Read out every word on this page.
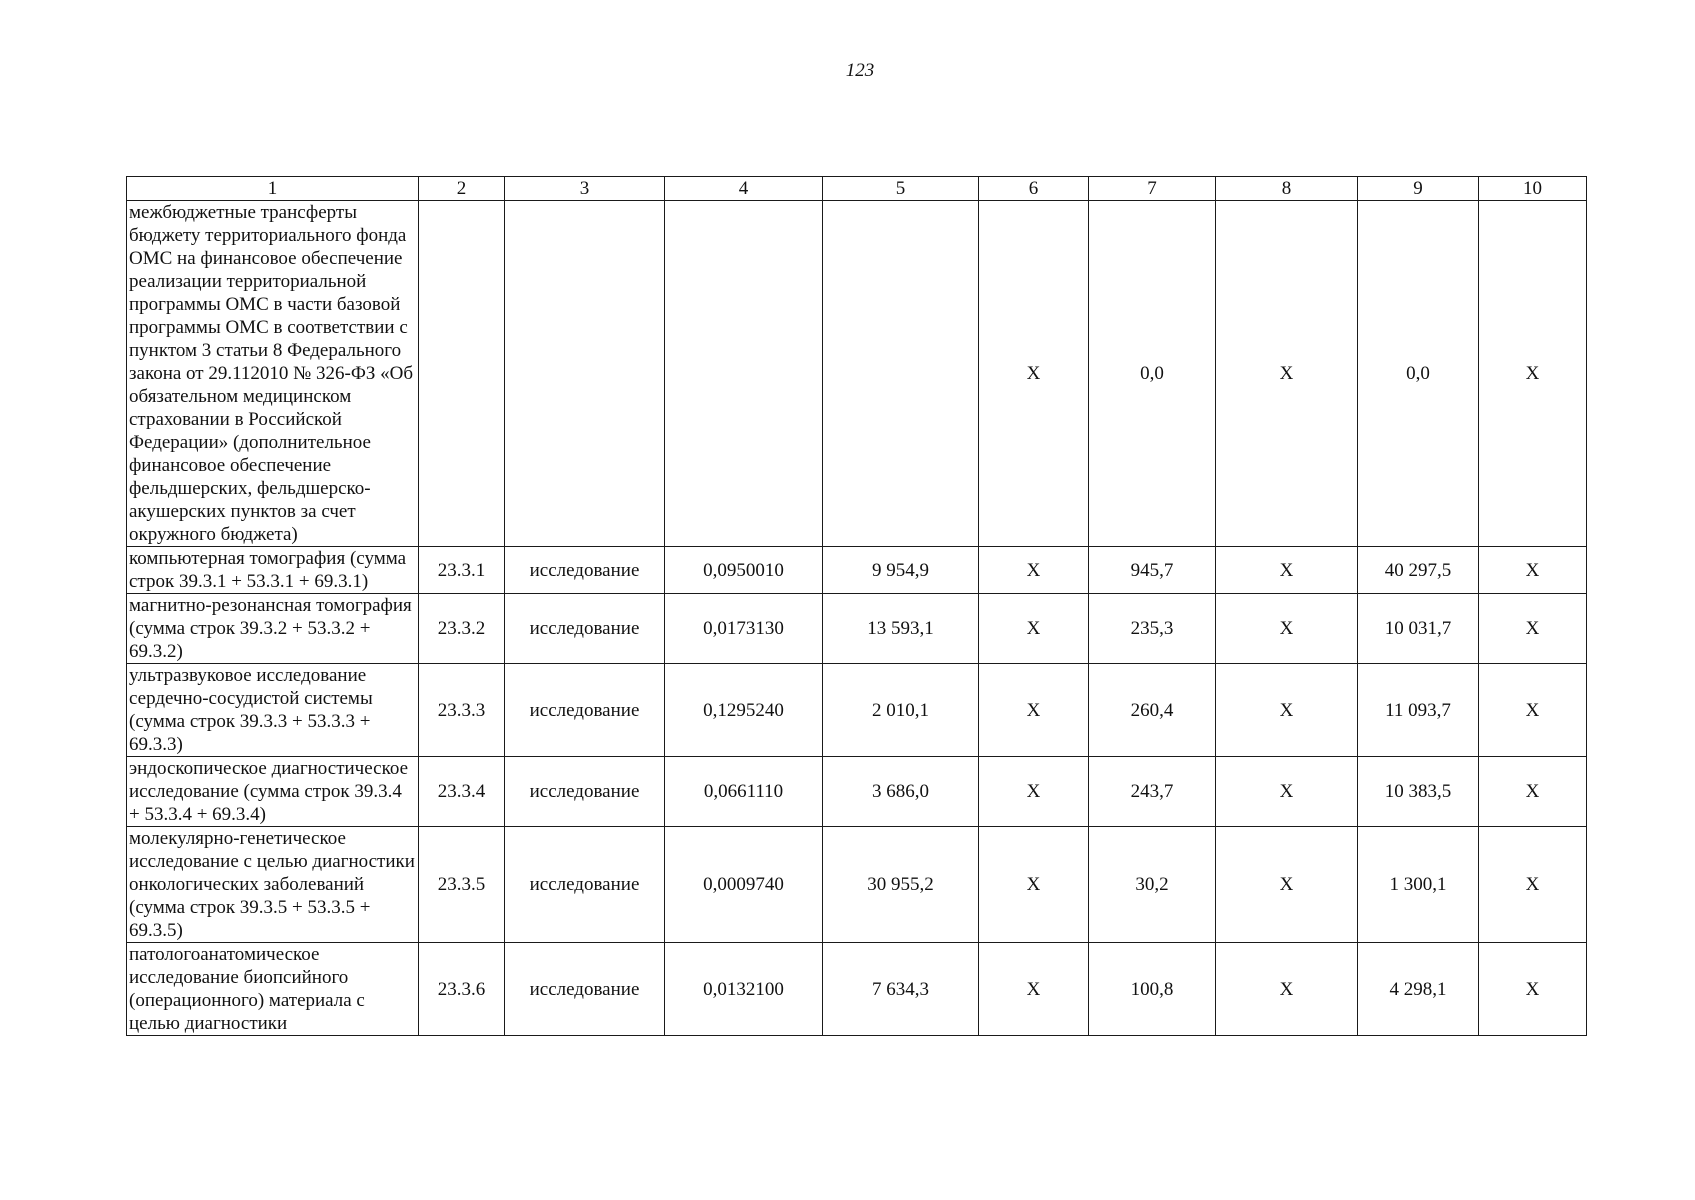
123
1	2	3	4	5	6	7	8	9	10
межбюджетные трансферты бюджету территориального фонда ОМС на финансовое обеспечение реализации территориальной программы ОМС в части базовой программы ОМС в соответствии с пунктом 3 статьи 8 Федерального закона от 29.112010 № 326-ФЗ «Об обязательном медицинском страховании в Российской Федерации» (дополнительное финансовое обеспечение фельдшерских, фельдшерско-акушерских пунктов за счет окружного бюджета)					X	0,0	X	0,0	X
компьютерная томография (сумма строк 39.3.1 + 53.3.1 + 69.3.1)	23.3.1	исследование	0,0950010	9 954,9	X	945,7	X	40 297,5	X
магнитно-резонансная томография (сумма строк 39.3.2 + 53.3.2 + 69.3.2)	23.3.2	исследование	0,0173130	13 593,1	X	235,3	X	10 031,7	X
ультразвуковое исследование сердечно-сосудистой системы (сумма строк 39.3.3 + 53.3.3 + 69.3.3)	23.3.3	исследование	0,1295240	2 010,1	X	260,4	X	11 093,7	X
эндоскопическое диагностическое исследование (сумма строк 39.3.4 + 53.3.4 + 69.3.4)	23.3.4	исследование	0,0661110	3 686,0	X	243,7	X	10 383,5	X
молекулярно-генетическое исследование с целью диагностики онкологических заболеваний (сумма строк 39.3.5 + 53.3.5 + 69.3.5)	23.3.5	исследование	0,0009740	30 955,2	X	30,2	X	1 300,1	X
патологоанатомическое исследование биопсийного (операционного) материала с целью диагностики	23.3.6	исследование	0,0132100	7 634,3	X	100,8	X	4 298,1	X
